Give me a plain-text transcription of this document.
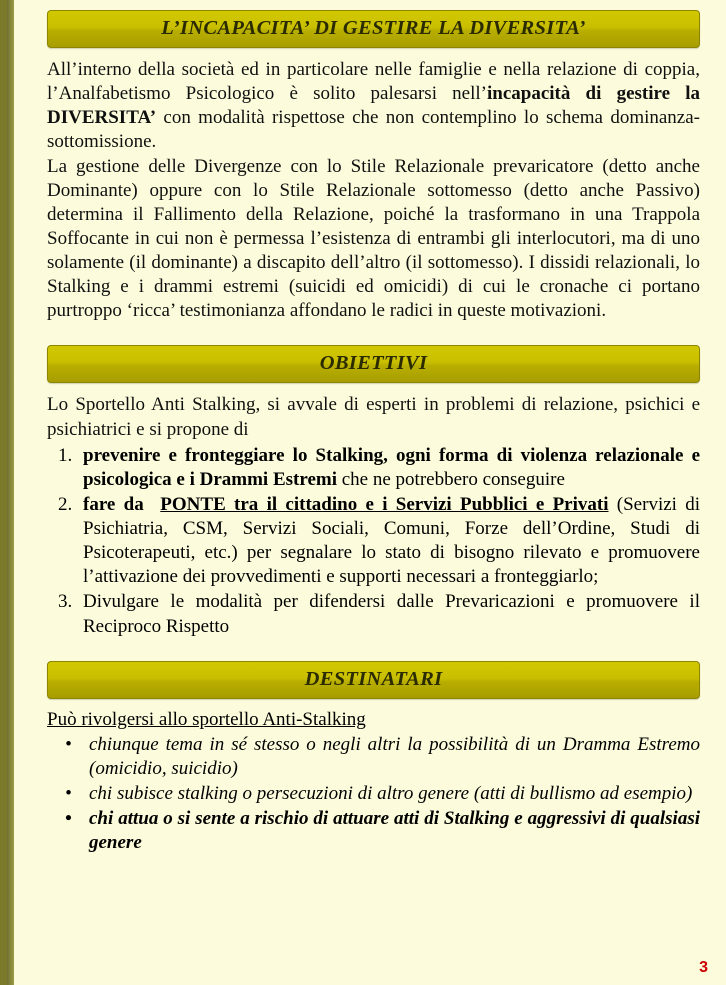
L’INCAPACITA’ DI GESTIRE LA DIVERSITA’

All’interno della società ed in particolare nelle famiglie e nella relazione di coppia, l’Analfabetismo Psicologico è solito palesarsi nell’incapacità di gestire la DIVERSITA’ con modalità rispettose che non contemplino lo schema dominanza-sottomissione.

La gestione delle Divergenze con lo Stile Relazionale prevaricatore (detto anche Dominante) oppure con lo Stile Relazionale sottomesso (detto anche Passivo) determina il Fallimento della Relazione, poiché la trasformano in una Trappola Soffocante in cui non è permessa l’esistenza di entrambi gli interlocutori, ma di uno solamente (il dominante) a discapito dell’altro (il sottomesso). I dissidi relazionali, lo Stalking e i drammi estremi (suicidi ed omicidi) di cui le cronache ci portano purtroppo ‘ricca’ testimonianza affondano le radici in queste motivazioni.

OBIETTIVI

Lo Sportello Anti Stalking, si avvale di esperti in problemi di relazione, psichici e psichiatrici e si propone di

1. prevenire e fronteggiare lo Stalking, ogni forma di violenza relazionale e psicologica e i Drammi Estremi che ne potrebbero conseguire
2. fare da PONTE tra il cittadino e i Servizi Pubblici e Privati (Servizi di Psichiatria, CSM, Servizi Sociali, Comuni, Forze dell’Ordine, Studi di Psicoterapeuti, etc.) per segnalare lo stato di bisogno rilevato e promuovere l’attivazione dei provvedimenti e supporti necessari a fronteggiarlo;
3. Divulgare le modalità per difendersi dalle Prevaricazioni e promuovere il Reciproco Rispetto
DESTINATARI
Può rivolgersi allo sportello Anti-Stalking
• chiunque tema in sé stesso o negli altri la possibilità di un Dramma Estremo (omicidio, suicidio)
• chi subisce stalking o persecuzioni di altro genere (atti di bullismo ad esempio)
• chi attua o si sente a rischio di attuare atti di Stalking e aggressivi di qualsiasi genere
3
